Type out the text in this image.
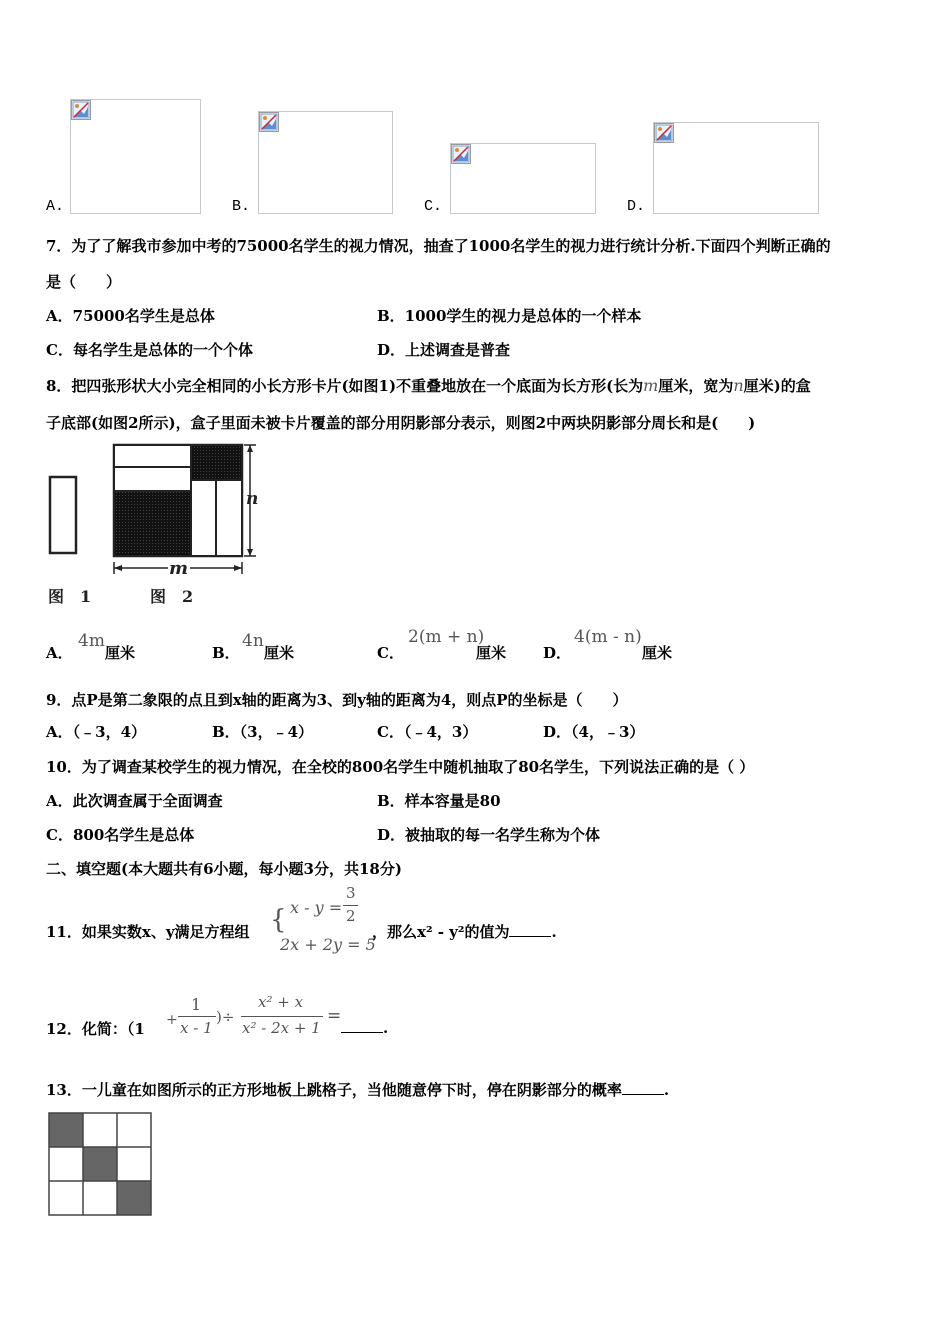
A.	B.	C.	D.
7．为了了解我市参加中考的75000名学生的视力情况，抽查了1000名学生的视力进行统计分析.下面四个判断正确的
是（　　）
A．75000名学生是总体	B．1000学生的视力是总体的一个样本
C．每名学生是总体的一个个体	D．上述调查是普查
8．把四张形状大小完全相同的小长方形卡片(如图1)不重叠地放在一个底面为长方形(长为m厘米，宽为n厘米)的盒
子底部(如图2所示)，盒子里面未被卡片覆盖的部分用阴影部分表示，则图2中两块阴影部分周长和是(　　)
n
m
图　1	图　2
A．
4m
厘米	B．
4n
厘米	C．
2(m + n)
厘米 D．
4(m - n)
厘米
9．点P是第二象限的点且到x轴的距离为3、到y轴的距离为4，则点P的坐标是（　　）
A．（﹣3，4）	B．（3，﹣4）	C．（﹣4，3）	D．（4，﹣3）
10．为了调查某校学生的视力情况，在全校的800名学生中随机抽取了80名学生，下列说法正确的是（ ）
A．此次调查属于全面调查	B．样本容量是80
C．800名学生是总体	D．被抽取的每一名学生称为个体
二、填空题(本大题共有6小题，每小题3分，共18分)
11．如果实数x、y满足方程组 { x - y =
3
2
2x + 2y = 5
，那么x² - y²的值为	.
12．化简：（1 +
1
x - 1
)÷
x² + x
x² - 2x + 1
=
.
13．一儿童在如图所示的正方形地板上跳格子，当他随意停下时，停在阴影部分的概率	.
